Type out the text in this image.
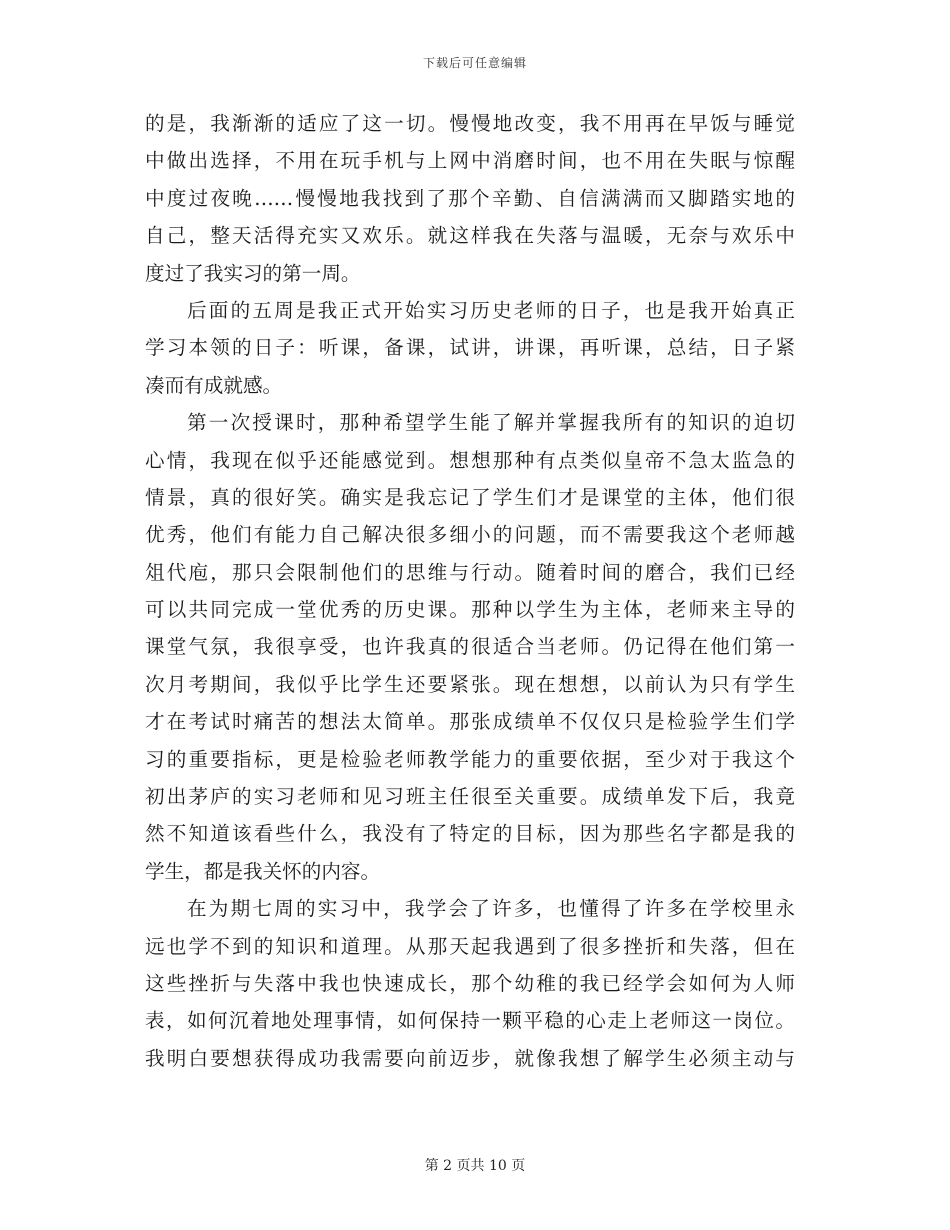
下载后可任意编辑
的是，我渐渐的适应了这一切。慢慢地改变，我不用再在早饭与睡觉
中做出选择，不用在玩手机与上网中消磨时间，也不用在失眠与惊醒
中度过夜晚……慢慢地我找到了那个辛勤、自信满满而又脚踏实地的
自己，整天活得充实又欢乐。就这样我在失落与温暖，无奈与欢乐中
度过了我实习的第一周。
后面的五周是我正式开始实习历史老师的日子，也是我开始真正
学习本领的日子：听课，备课，试讲，讲课，再听课，总结，日子紧
凑而有成就感。
第一次授课时，那种希望学生能了解并掌握我所有的知识的迫切
心情，我现在似乎还能感觉到。想想那种有点类似皇帝不急太监急的
情景，真的很好笑。确实是我忘记了学生们才是课堂的主体，他们很
优秀，他们有能力自己解决很多细小的问题，而不需要我这个老师越
俎代庖，那只会限制他们的思维与行动。随着时间的磨合，我们已经
可以共同完成一堂优秀的历史课。那种以学生为主体，老师来主导的
课堂气氛，我很享受，也许我真的很适合当老师。仍记得在他们第一
次月考期间，我似乎比学生还要紧张。现在想想，以前认为只有学生
才在考试时痛苦的想法太简单。那张成绩单不仅仅只是检验学生们学
习的重要指标，更是检验老师教学能力的重要依据，至少对于我这个
初出茅庐的实习老师和见习班主任很至关重要。成绩单发下后，我竟
然不知道该看些什么，我没有了特定的目标，因为那些名字都是我的
学生，都是我关怀的内容。
在为期七周的实习中，我学会了许多，也懂得了许多在学校里永
远也学不到的知识和道理。从那天起我遇到了很多挫折和失落，但在
这些挫折与失落中我也快速成长，那个幼稚的我已经学会如何为人师
表，如何沉着地处理事情，如何保持一颗平稳的心走上老师这一岗位。
我明白要想获得成功我需要向前迈步，就像我想了解学生必须主动与
第 2 页共 10 页
